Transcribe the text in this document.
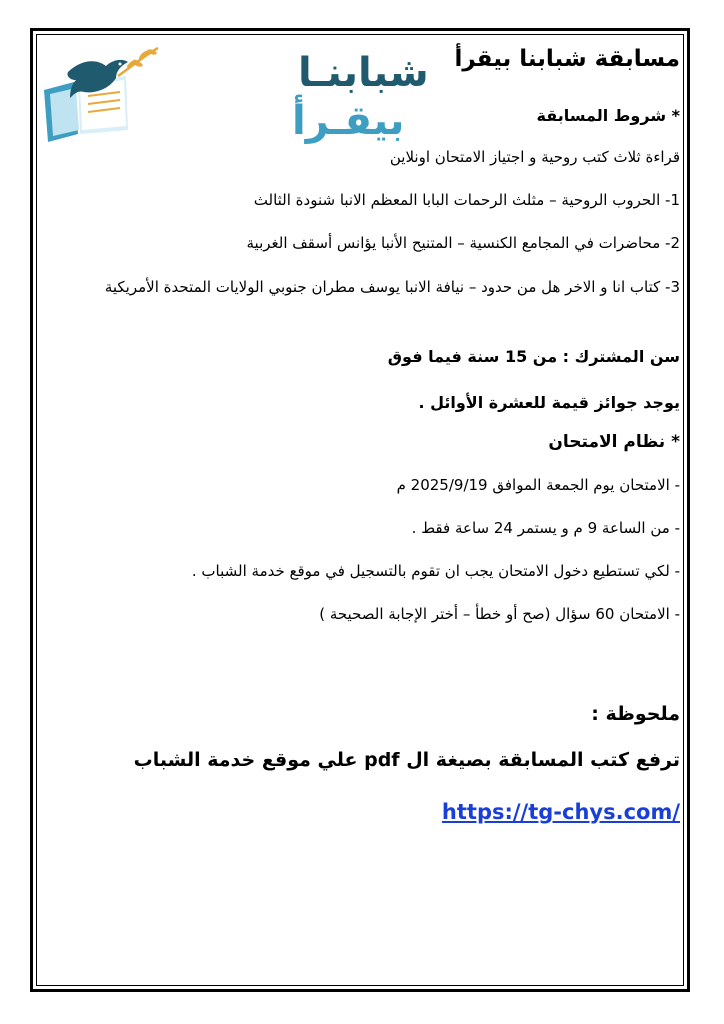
شبابنـا
بيقـرأ
مسابقة شبابنا بيقرأ
* شروط المسابقة
قراءة ثلاث كتب روحية و اجتياز الامتحان اونلاين
1- الحروب الروحية – مثلث الرحمات البابا المعظم الانبا شنودة الثالث
2- محاضرات في المجامع الكنسية – المتنيح الأنبا يؤانس أسقف الغربية
3- كتاب انا و الاخر هل من حدود – نيافة الانبا يوسف مطران جنوبي الولايات المتحدة الأمريكية
سن المشترك : من 15 سنة فيما فوق
يوجد جوائز قيمة للعشرة الأوائل .
* نظام الامتحان
- الامتحان يوم الجمعة الموافق 2025/9/19 م
- من الساعة 9 م و يستمر 24 ساعة فقط .
- لكي تستطيع دخول الامتحان يجب ان تقوم بالتسجيل في موقع خدمة الشباب .
- الامتحان 60 سؤال (صح أو خطأ – أختر الإجابة الصحيحة )
ملحوظة :
ترفع كتب المسابقة بصيغة ال pdf علي موقع خدمة الشباب
https://tg-chys.com/
